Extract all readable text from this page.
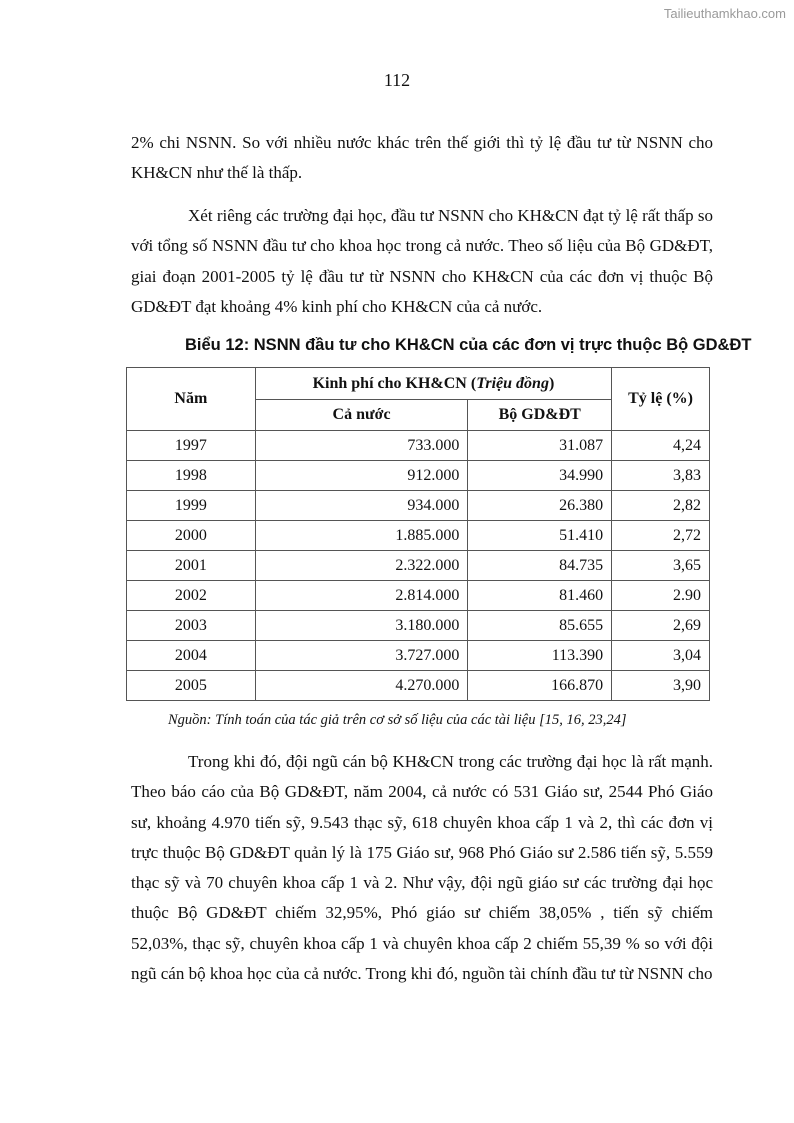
Tailieuthamkhao.com
112

2% chi NSNN. So với nhiều nước khác trên thế giới thì tỷ lệ đầu tư từ NSNN cho KH&CN như thế là thấp.

Xét riêng các trường đại học, đầu tư NSNN cho KH&CN đạt tỷ lệ rất thấp so với tổng số NSNN đầu tư cho khoa học trong cả nước. Theo số liệu của Bộ GD&ĐT, giai đoạn 2001-2005 tỷ lệ đầu tư từ NSNN cho KH&CN của các đơn vị thuộc Bộ GD&ĐT đạt khoảng 4% kinh phí cho KH&CN của cả nước.

Biểu 12: NSNN đầu tư cho KH&CN của các đơn vị trực thuộc Bộ GD&ĐT
Năm	Kinh phí cho KH&CN (Triệu đồng)		Tỷ lệ (%)
	Cả nước	Bộ GD&ĐT	
1997	733.000	31.087	4,24
1998	912.000	34.990	3,83
1999	934.000	26.380	2,82
2000	1.885.000	51.410	2,72
2001	2.322.000	84.735	3,65
2002	2.814.000	81.460	2.90
2003	3.180.000	85.655	2,69
2004	3.727.000	113.390	3,04
2005	4.270.000	166.870	3,90
Nguồn: Tính toán của tác giả trên cơ sở số liệu của các tài liệu [15, 16, 23,24]

Trong khi đó, đội ngũ cán bộ KH&CN trong các trường đại học là rất mạnh. Theo báo cáo của Bộ GD&ĐT, năm 2004, cả nước có 531 Giáo sư, 2544 Phó Giáo sư, khoảng 4.970 tiến sỹ, 9.543 thạc sỹ, 618 chuyên khoa cấp 1 và 2, thì các đơn vị trực thuộc Bộ GD&ĐT quản lý là 175 Giáo sư, 968 Phó Giáo sư 2.586 tiến sỹ, 5.559 thạc sỹ và 70 chuyên khoa cấp 1 và 2. Như vậy, đội ngũ giáo sư các trường đại học thuộc Bộ GD&ĐT chiếm 32,95%, Phó giáo sư chiếm 38,05% , tiến sỹ chiếm 52,03%, thạc sỹ, chuyên khoa cấp 1 và chuyên khoa cấp 2 chiếm 55,39 % so với đội ngũ cán bộ khoa học của cả nước. Trong khi đó, nguồn tài chính đầu tư từ NSNN cho
